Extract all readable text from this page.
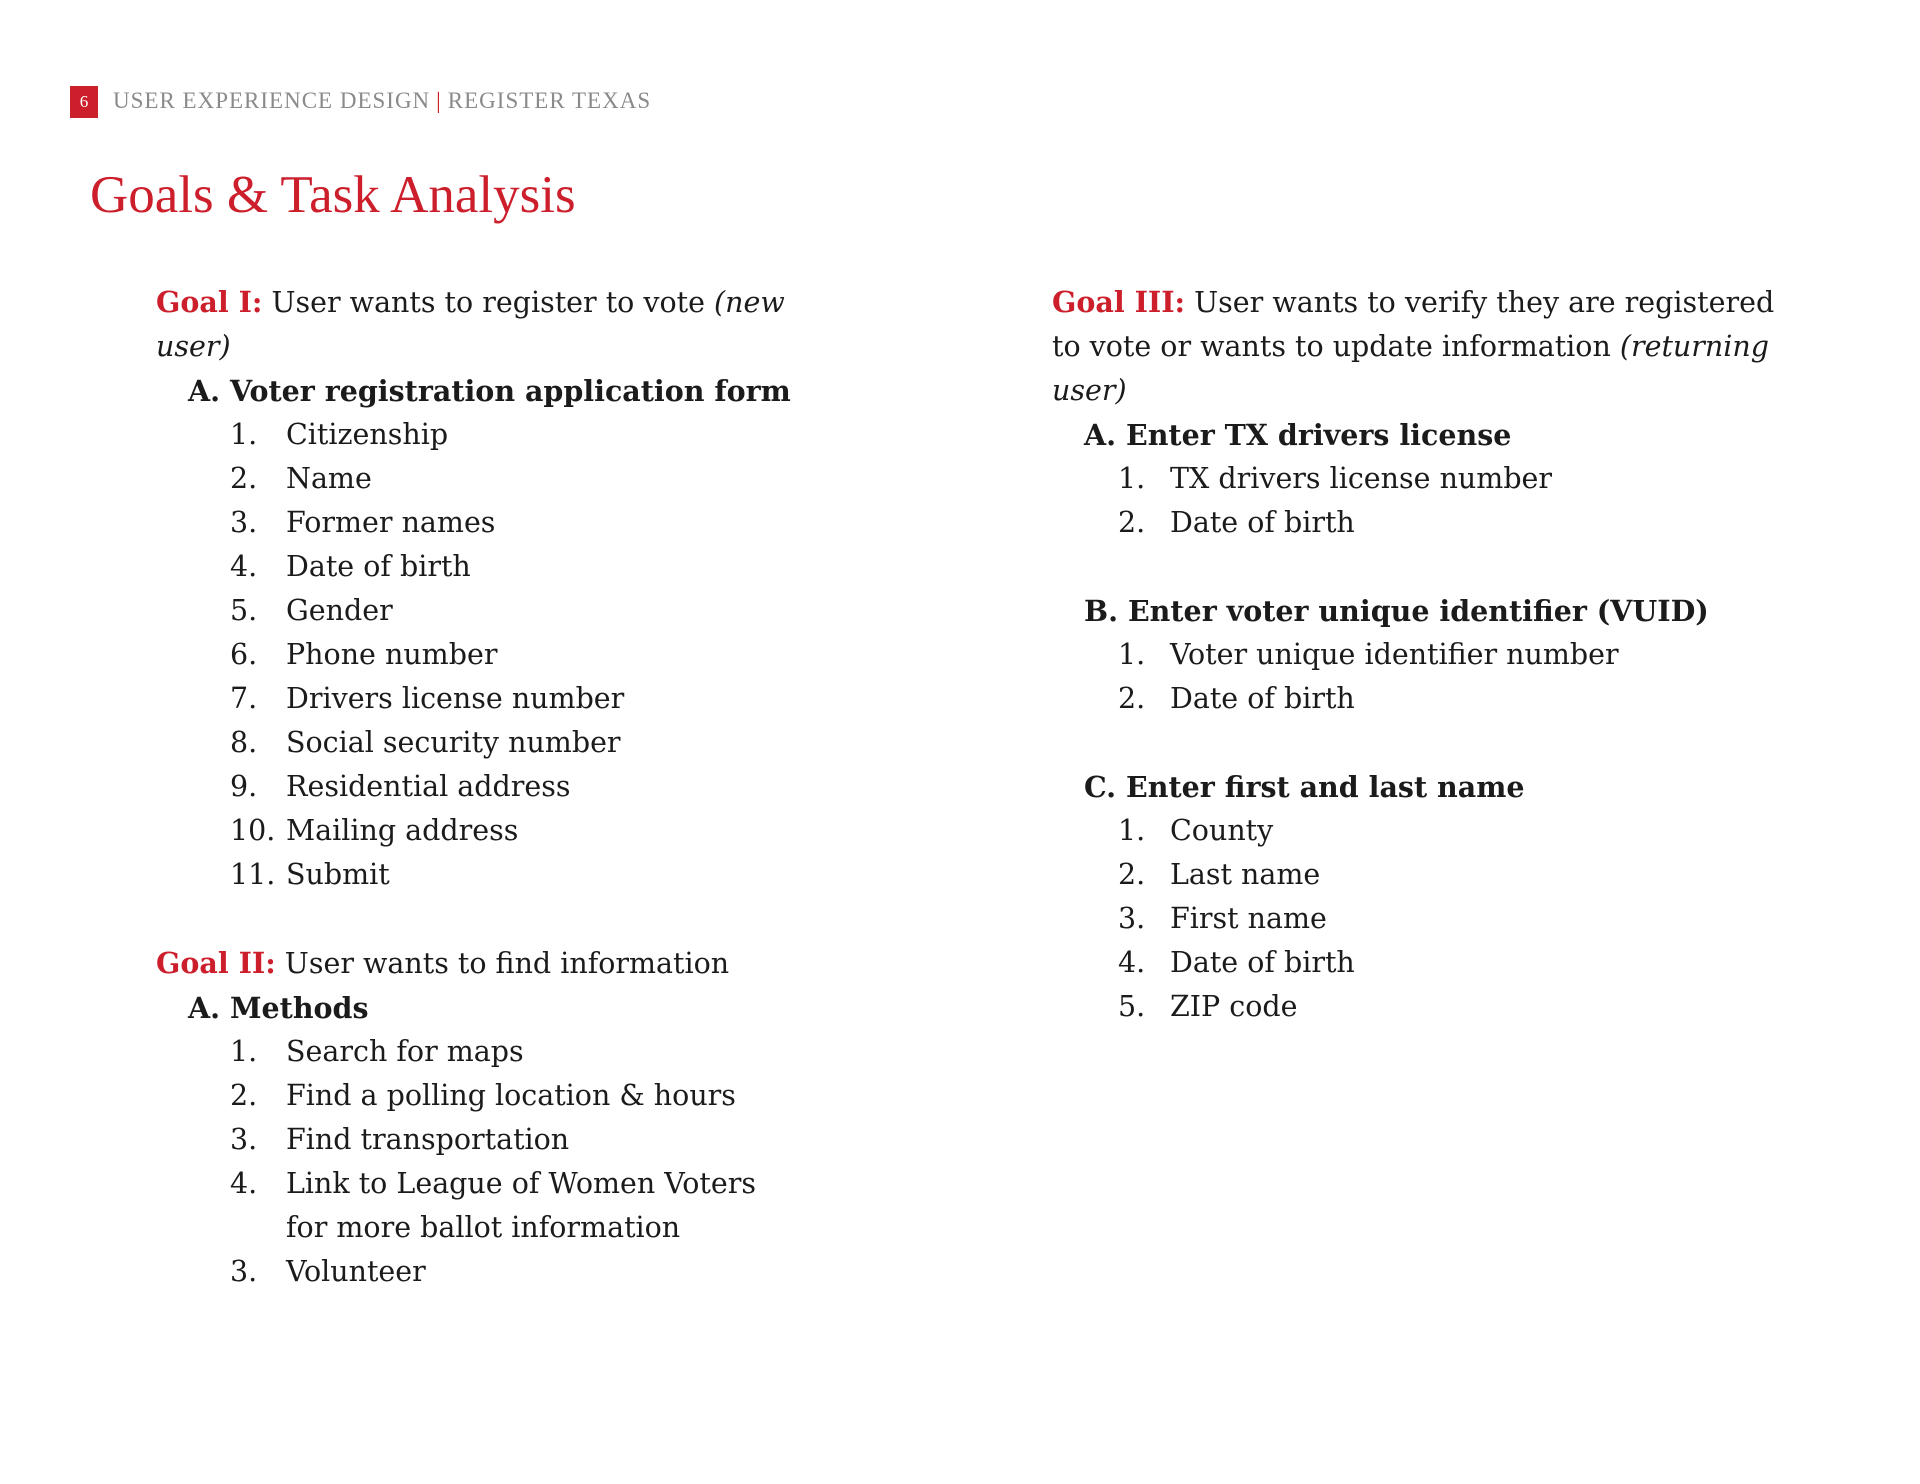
6	USER EXPERIENCE DESIGN | REGISTER TEXAS
Goals & Task Analysis

Goal I: User wants to register to vote (new user)

A. Voter registration application form

1. Citizenship
2. Name
3. Former names
4. Date of birth
5. Gender
6. Phone number
7. Drivers license number
8. Social security number
9. Residential address
10. Mailing address
11. Submit

Goal II: User wants to find information

A. Methods

1. Search for maps
2. Find a polling location & hours
3. Find transportation
4. Link to League of Women Voters for more ballot information
3. Volunteer

Goal III: User wants to verify they are registered to vote or wants to update information (returning user)

A. Enter TX drivers license

1. TX drivers license number
2. Date of birth

B. Enter voter unique identifier (VUID)

1. Voter unique identifier number
2. Date of birth

C. Enter first and last name

1. County
2. Last name
3. First name
4. Date of birth
5. ZIP code
